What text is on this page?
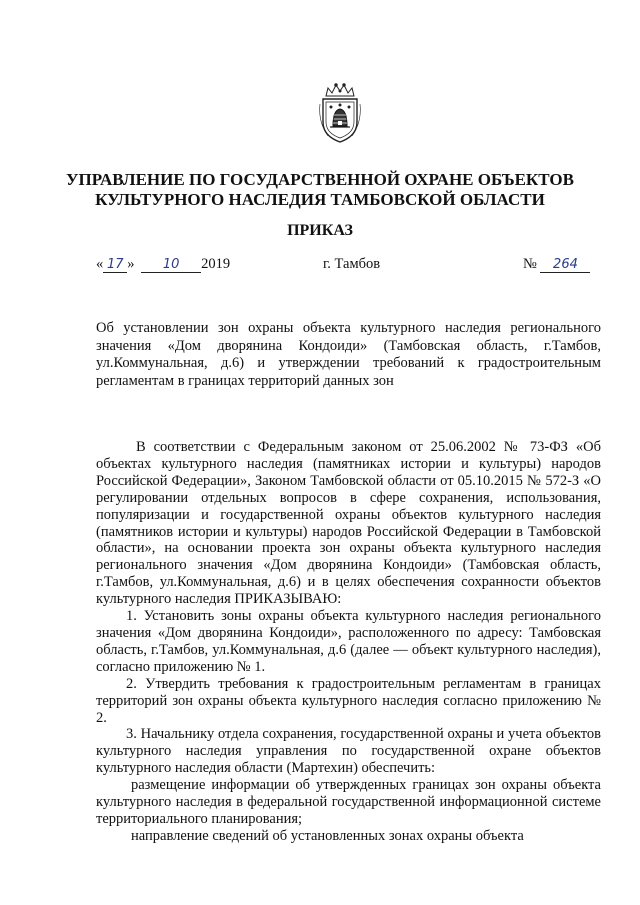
УПРАВЛЕНИЕ ПО ГОСУДАРСТВЕННОЙ ОХРАНЕ ОБЪЕКТОВ
КУЛЬТУРНОГО НАСЛЕДИЯ ТАМБОВСКОЙ ОБЛАСТИ
ПРИКАЗ
« 17 » 10 2019	г. Тамбов	№ 264
Об установлении зон охраны объекта культурного наследия регионального значения «Дом дворянина Кондоиди» (Тамбовская область, г.Тамбов, ул.Коммунальная, д.6) и утверждении требований к градостроительным регламентам в границах территорий данных зон

В соответствии с Федеральным законом от 25.06.2002 № 73-ФЗ «Об объектах культурного наследия (памятниках истории и культуры) народов Российской Федерации», Законом Тамбовской области от 05.10.2015 № 572-З «О регулировании отдельных вопросов в сфере сохранения, использования, популяризации и государственной охраны объектов культурного наследия (памятников истории и культуры) народов Российской Федерации в Тамбовской области», на основании проекта зон охраны объекта культурного наследия регионального значения «Дом дворянина Кондоиди» (Тамбовская область, г.Тамбов, ул.Коммунальная, д.6) и в целях обеспечения сохранности объектов культурного наследия ПРИКАЗЫВАЮ:

1. Установить зоны охраны объекта культурного наследия регионального значения «Дом дворянина Кондоиди», расположенного по адресу: Тамбовская область, г.Тамбов, ул.Коммунальная, д.6 (далее — объект культурного наследия), согласно приложению № 1.

2. Утвердить требования к градостроительным регламентам в границах территорий зон охраны объекта культурного наследия согласно приложению № 2.

3. Начальнику отдела сохранения, государственной охраны и учета объектов культурного наследия управления по государственной охране объектов культурного наследия области (Мартехин) обеспечить:

размещение информации об утвержденных границах зон охраны объекта культурного наследия в федеральной государственной информационной системе территориального планирования;

направление сведений об установленных зонах охраны объекта
